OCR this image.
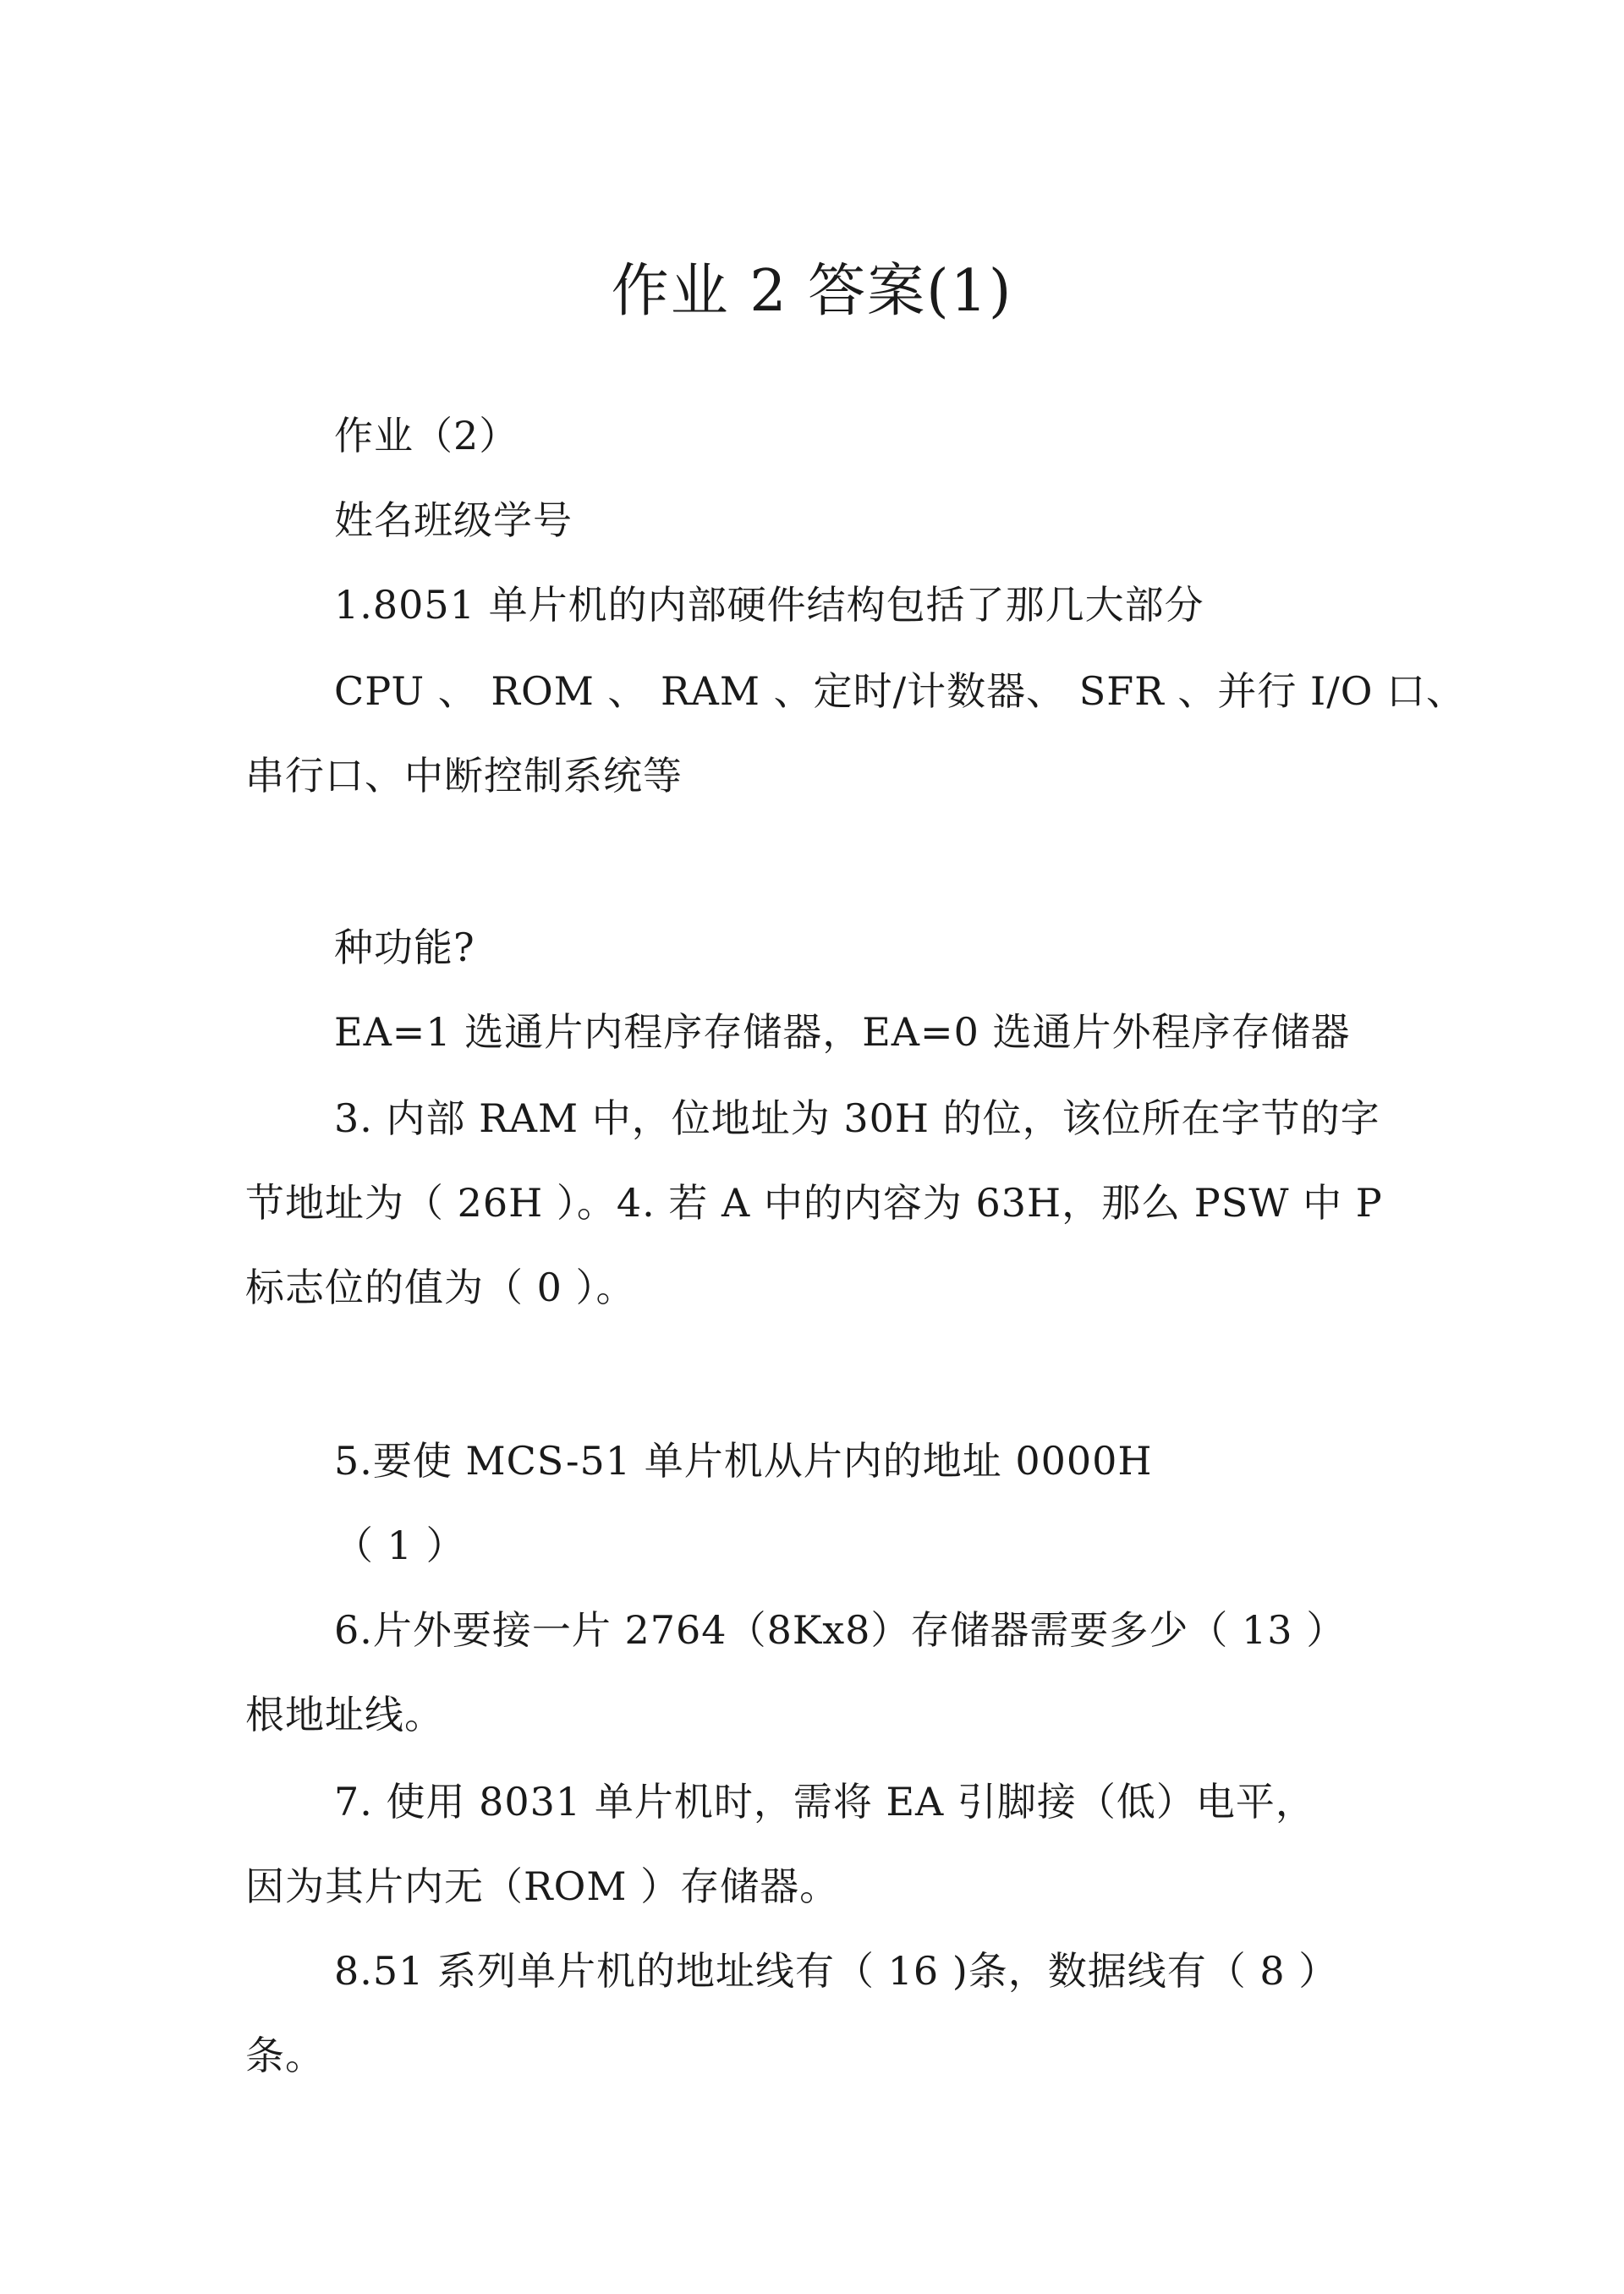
作业 2 答案(1)
作业（2）
姓名班级学号
1.8051 单片机的内部硬件结构包括了那几大部分
CPU 、 ROM 、 RAM 、定时/计数器、 SFR 、并行 I/O 口、
串行口、中断控制系统等
种功能?
EA=1 选通片内程序存储器，EA=0 选通片外程序存储器
3. 内部 RAM 中，位地址为 30H 的位，该位所在字节的字
节地址为（ 26H ）。4. 若 A 中的内容为 63H，那么 PSW 中 P
标志位的值为（ 0 ）。
5.要使 MCS-51 单片机从片内的地址 0000H
（ 1 ）
6.片外要接一片 2764（8Kx8）存储器需要多少（ 13 ）
根地址线。
7. 使用 8031 单片机时，需将 EA 引脚接（低）电平，
因为其片内无（ROM ）存储器。
8.51 系列单片机的地址线有（ 16 )条，数据线有（ 8 ）
条。
